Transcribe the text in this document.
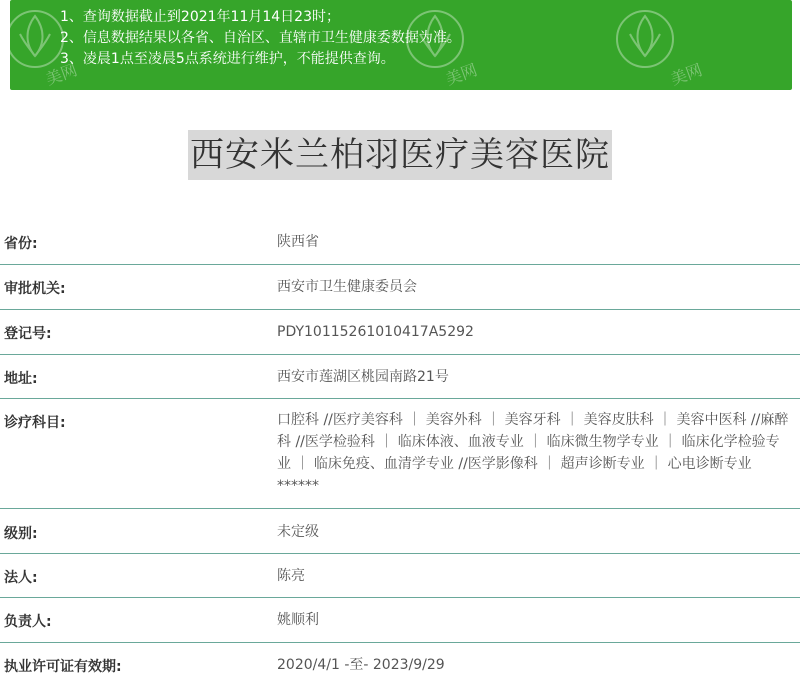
1、查询数据截止到2021年11月14日23时；
2、信息数据结果以各省、自治区、直辖市卫生健康委数据为准。
3、凌晨1点至凌晨5点系统进行维护，不能提供查询。
美网	美网	美网
西安米兰柏羽医疗美容医院
省份:	陕西省
审批机关:	西安市卫生健康委员会
登记号:	PDY10115261010417A5292
地址:	西安市莲湖区桃园南路21号
诊疗科目:	口腔科 //医疗美容科 ｜ 美容外科 ｜ 美容牙科 ｜ 美容皮肤科 ｜ 美容中医科 //麻醉科 //医学检验科 ｜ 临床体液、血液专业 ｜ 临床微生物学专业 ｜ 临床化学检验专业 ｜ 临床免疫、血清学专业 //医学影像科 ｜ 超声诊断专业 ｜ 心电诊断专业******
级别:	未定级
法人:	陈亮
负责人:	姚顺利
执业许可证有效期:	2020/4/1 -至- 2023/9/29
